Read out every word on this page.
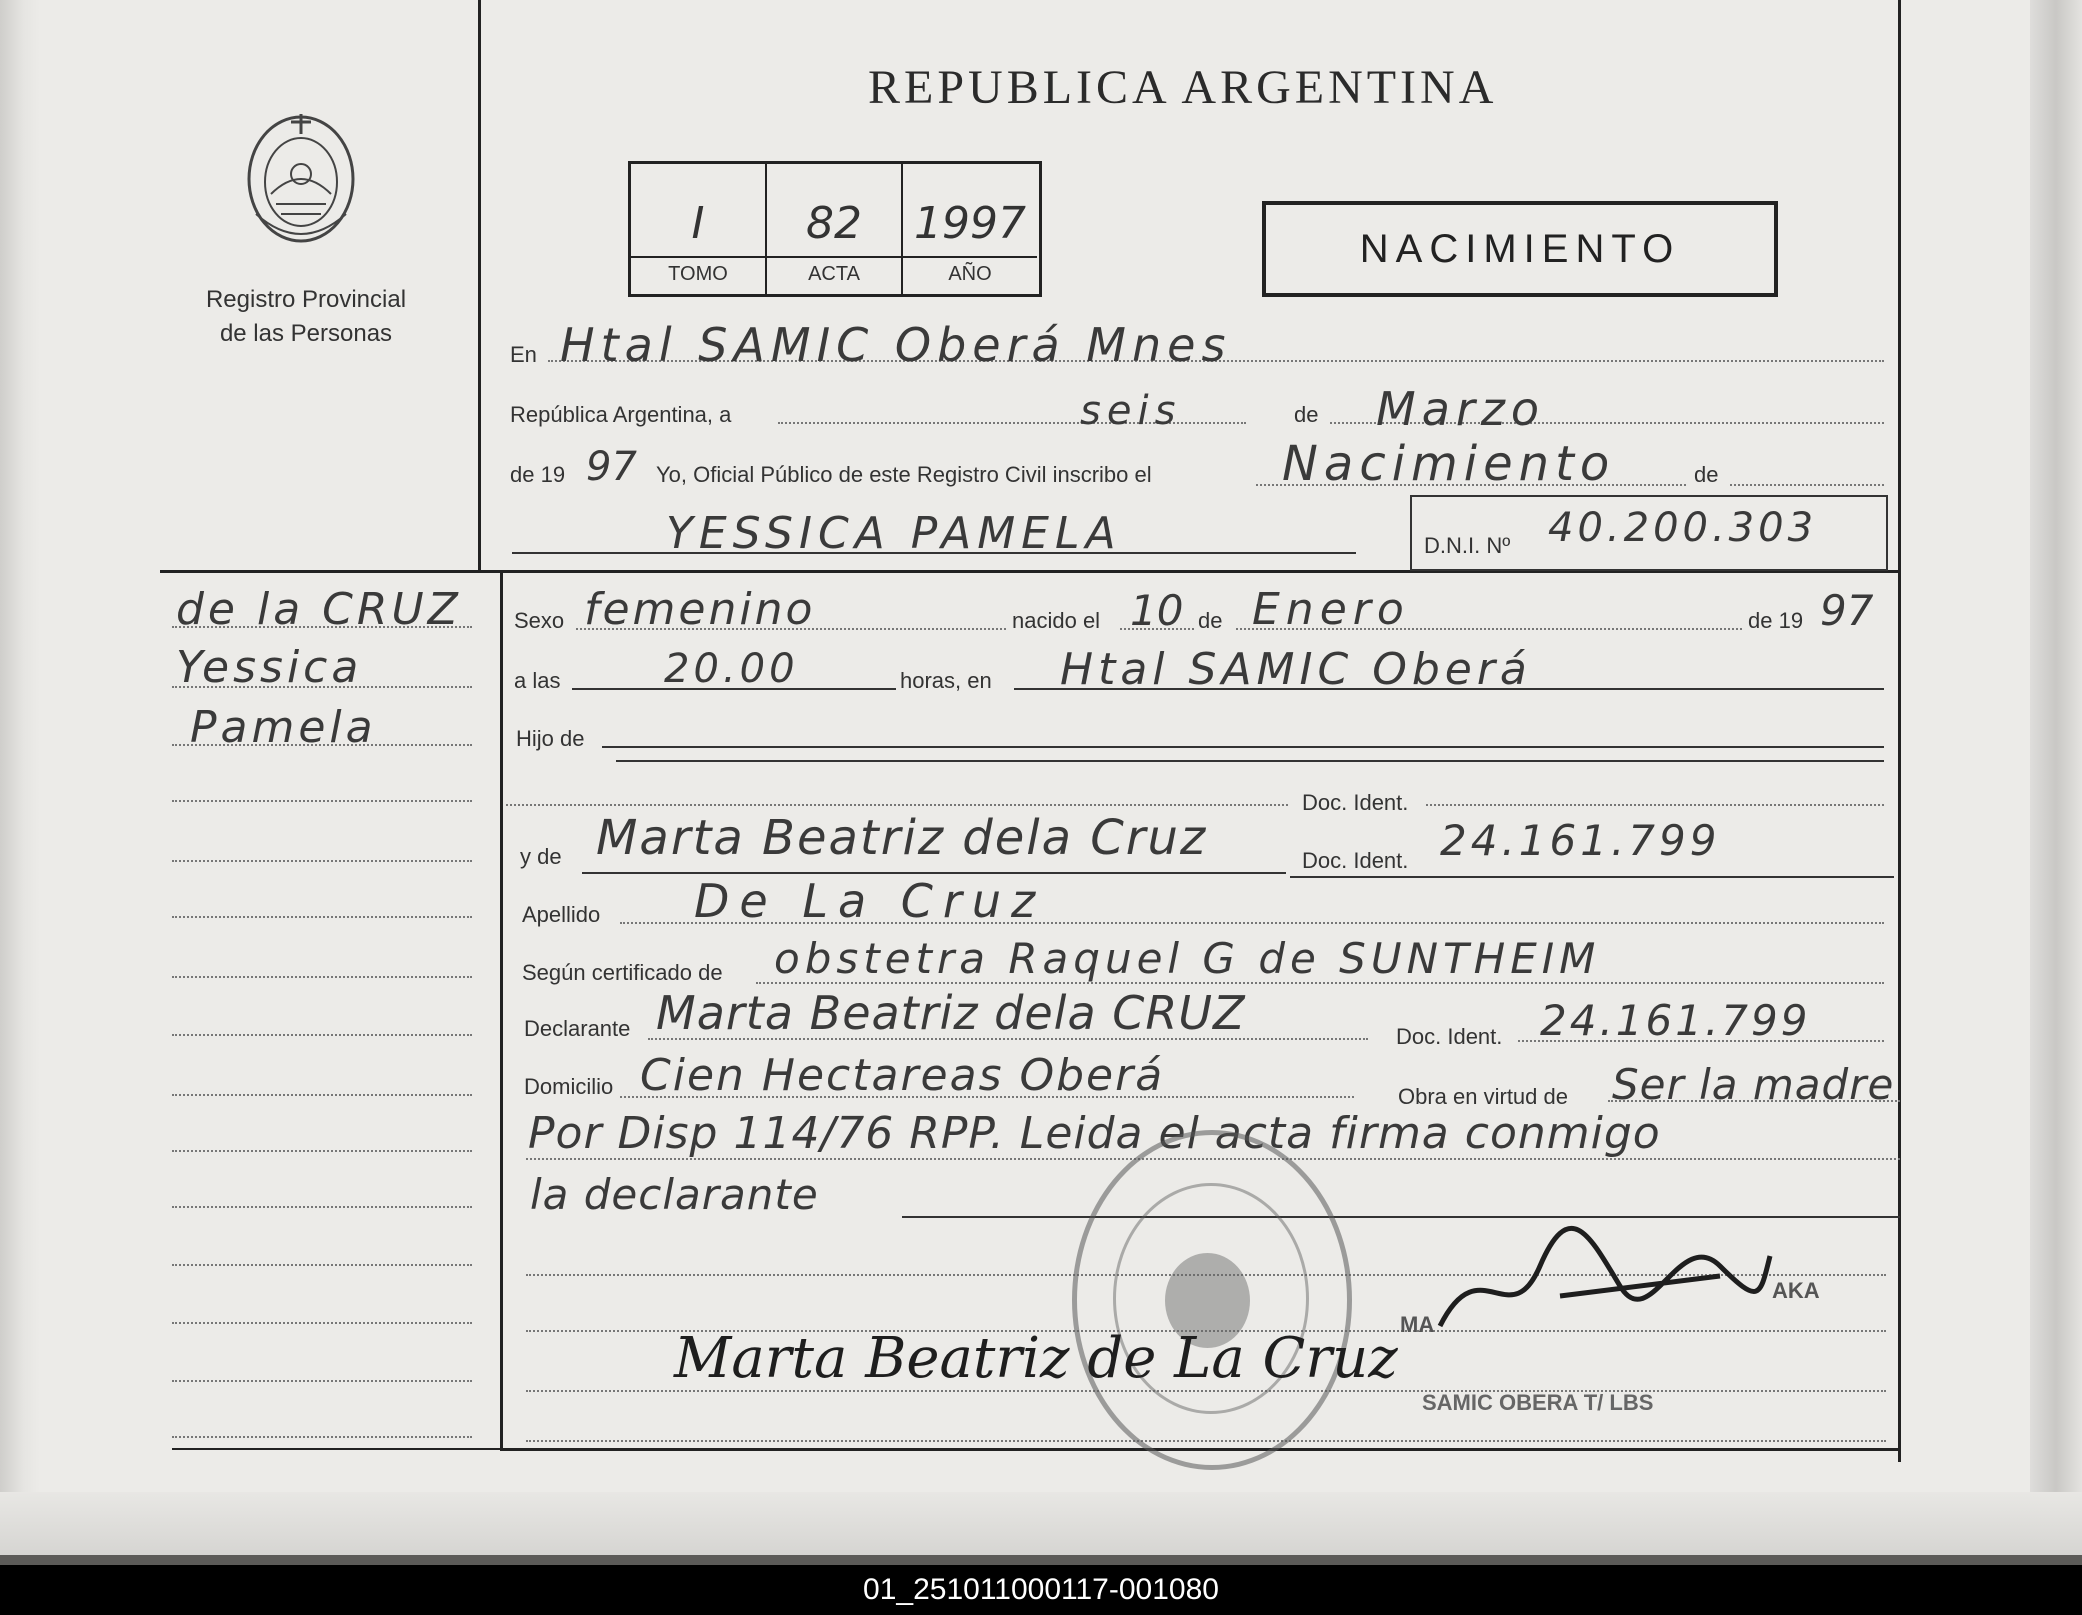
Registro Provincial
de las Personas
REPUBLICA ARGENTINA
I
TOMO
82
ACTA
1997
AÑO
NACIMIENTO
En Htal SAMIC Oberá Mnes
República Argentina, a	seis	de Marzo
de 19 97 Yo, Oficial Público de este Registro Civil inscribo el	Nacimiento	de
YESSICA PAMELA	D.N.I. Nº 40.200.303
de la CRUZ
Yessica
Pamela
Sexo femenino	nacido el 10 de Enero	de 19 97
a las	20.00	horas, en Htal SAMIC Oberá
Hijo de
Doc. Ident.
y de Marta Beatriz dela Cruz	Doc. Ident. 24.161.799
Apellido De La Cruz
Según certificado de obstetra Raquel G de SUNTHEIM
Declarante Marta Beatriz dela CRUZ	Doc. Ident. 24.161.799
Domicilio Cien Hectareas Oberá	Obra en virtud de Ser la madre
Por Disp 114/76 RPP. Leida el acta firma conmigo
la declarante
Marta Beatriz de La Cruz
MA
AKA
SAMIC OBERA T/ LBS
01_251011000117-001080
